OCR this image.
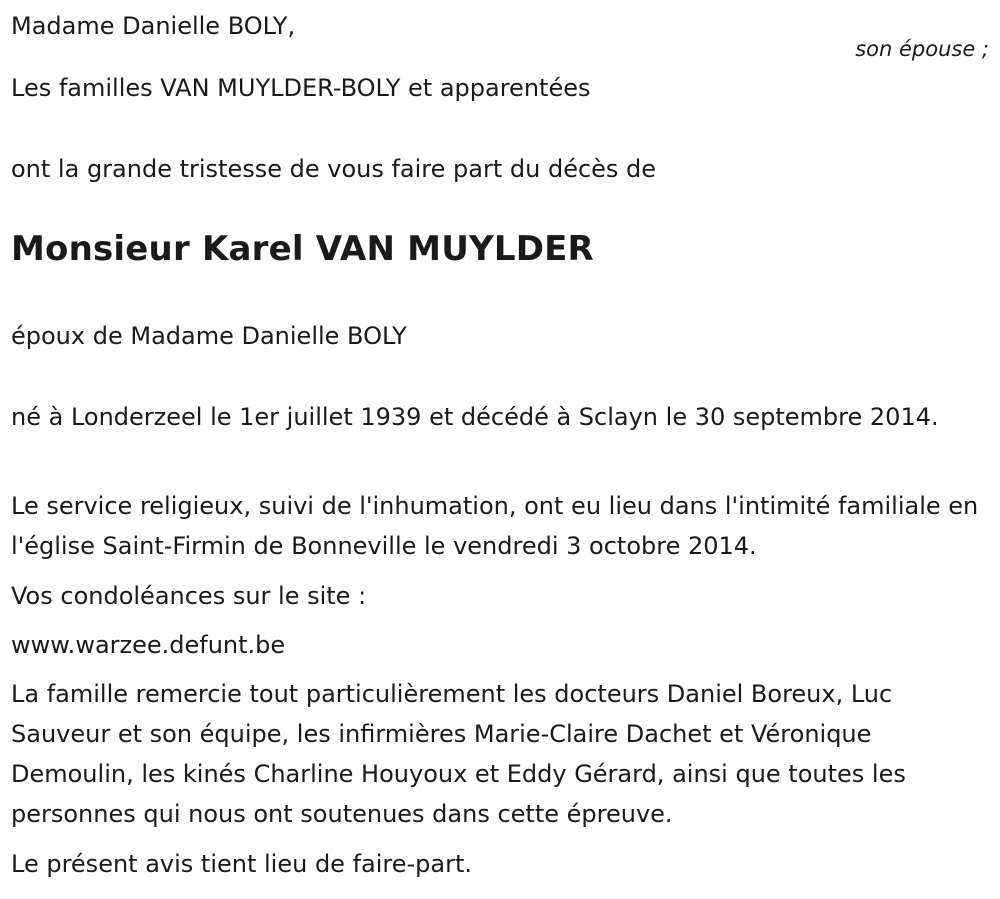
Madame Danielle BOLY,

Les familles VAN MUYLDER-BOLY et apparentées

ont la grande tristesse de vous faire part du décès de

Monsieur Karel VAN MUYLDER

époux de Madame Danielle BOLY

né à Londerzeel le 1er juillet 1939 et décédé à Sclayn le 30 septembre 2014.

Le service religieux, suivi de l'inhumation, ont eu lieu dans l'intimité familiale en l'église Saint-Firmin de Bonneville le vendredi 3 octobre 2014.

Vos condoléances sur le site :

www.warzee.defunt.be

La famille remercie tout particulièrement les docteurs Daniel Boreux, Luc Sauveur et son équipe, les infirmières Marie-Claire Dachet et Véronique Demoulin, les kinés Charline Houyoux et Eddy Gérard, ainsi que toutes les personnes qui nous ont soutenues dans cette épreuve.

Le présent avis tient lieu de faire-part.

son épouse ;
